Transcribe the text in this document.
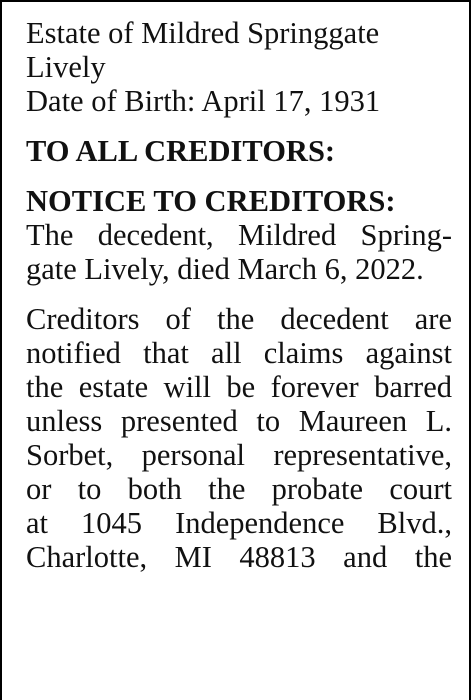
Estate of Mildred Springgate
Lively
Date of Birth: April 17, 1931
TO ALL CREDITORS:
NOTICE TO CREDITORS:
The decedent, Mildred Spring-
gate Lively, died March 6, 2022.
Creditors of the decedent are
notified that all claims against
the estate will be forever barred
unless presented to Maureen L.
Sorbet, personal representative,
or to both the probate court
at 1045 Independence Blvd.,
Charlotte, MI 48813 and the
